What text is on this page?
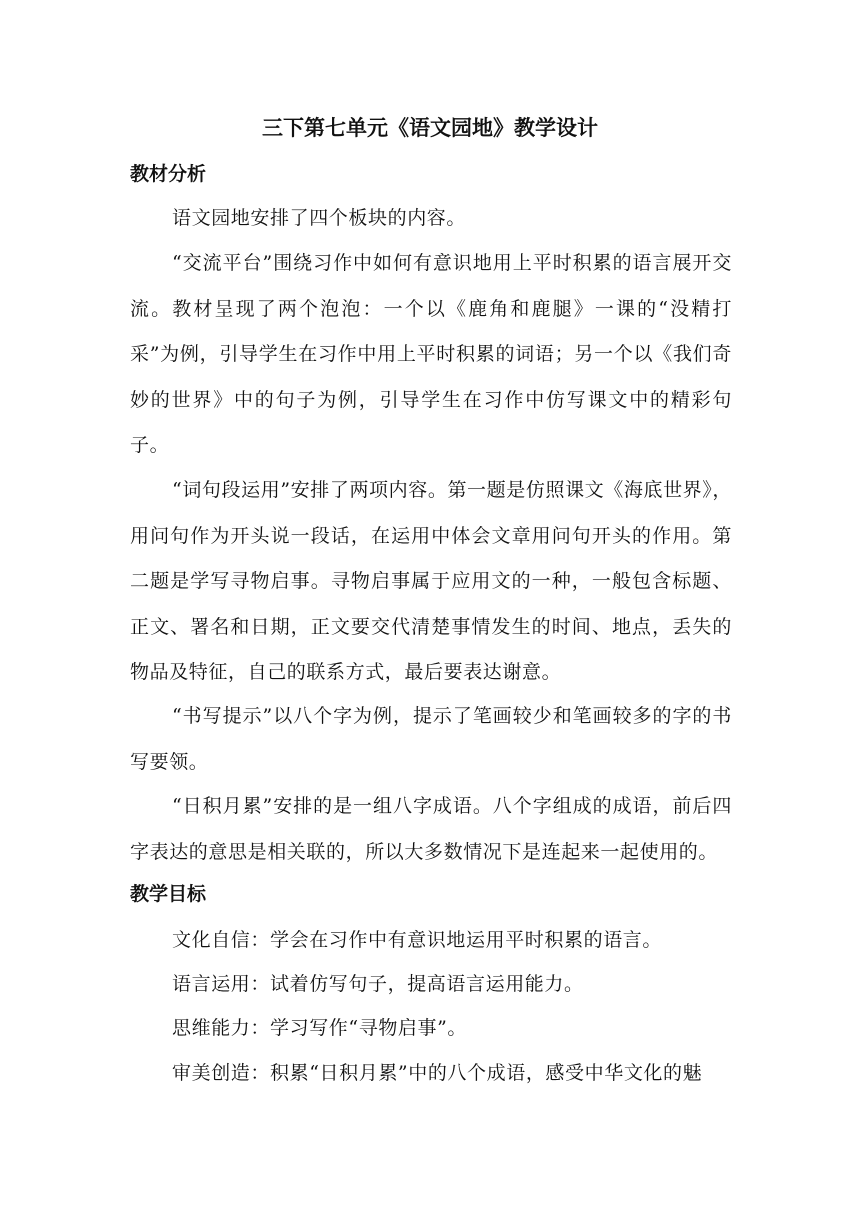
三下第七单元《语文园地》教学设计
教材分析

语文园地安排了四个板块的内容。

“交流平台”围绕习作中如何有意识地用上平时积累的语言展开交流。教材呈现了两个泡泡：一个以《鹿角和鹿腿》一课的“没精打采”为例，引导学生在习作中用上平时积累的词语；另一个以《我们奇妙的世界》中的句子为例，引导学生在习作中仿写课文中的精彩句子。

“词句段运用”安排了两项内容。第一题是仿照课文《海底世界》，用问句作为开头说一段话，在运用中体会文章用问句开头的作用。第二题是学写寻物启事。寻物启事属于应用文的一种，一般包含标题、正文、署名和日期，正文要交代清楚事情发生的时间、地点，丢失的物品及特征，自己的联系方式，最后要表达谢意。

“书写提示”以八个字为例，提示了笔画较少和笔画较多的字的书写要领。

“日积月累”安排的是一组八字成语。八个字组成的成语，前后四字表达的意思是相关联的，所以大多数情况下是连起来一起使用的。

教学目标

文化自信：学会在习作中有意识地运用平时积累的语言。

语言运用：试着仿写句子，提高语言运用能力。

思维能力：学习写作“寻物启事”。

审美创造：积累“日积月累”中的八个成语，感受中华文化的魅
